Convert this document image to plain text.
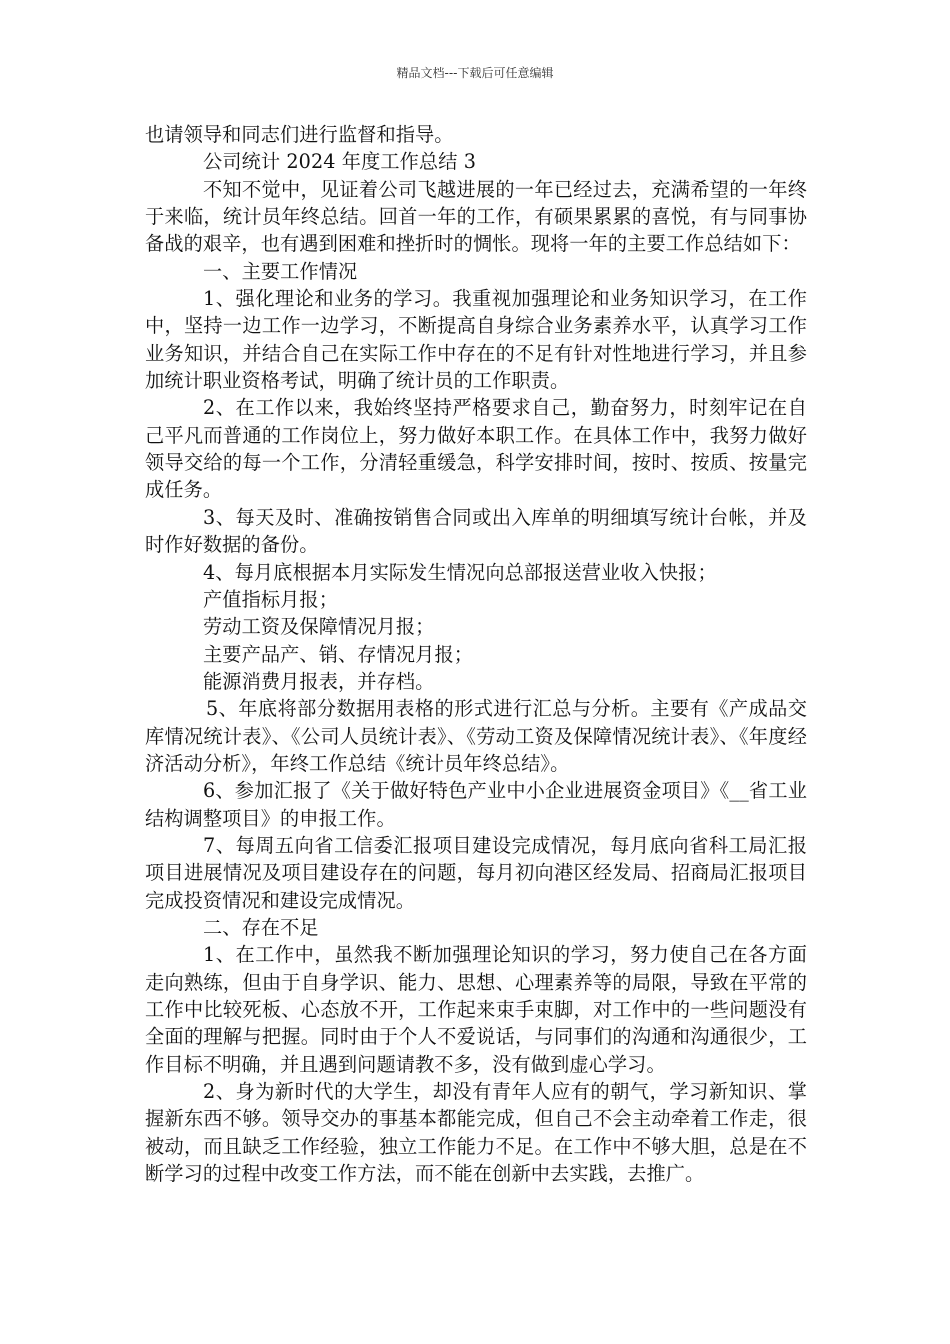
精品文档---下载后可任意编辑

也请领导和同志们进行监督和指导。

公司统计 2024 年度工作总结 3

不知不觉中，见证着公司飞越进展的一年已经过去，充满希望的一年终于来临，统计员年终总结。回首一年的工作，有硕果累累的喜悦，有与同事协备战的艰辛，也有遇到困难和挫折时的惆怅。现将一年的主要工作总结如下：

一、主要工作情况

1、强化理论和业务的学习。我重视加强理论和业务知识学习，在工作中，坚持一边工作一边学习，不断提高自身综合业务素养水平，认真学习工作业务知识，并结合自己在实际工作中存在的不足有针对性地进行学习，并且参加统计职业资格考试，明确了统计员的工作职责。

2、在工作以来，我始终坚持严格要求自己，勤奋努力，时刻牢记在自己平凡而普通的工作岗位上，努力做好本职工作。在具体工作中，我努力做好领导交给的每一个工作，分清轻重缓急，科学安排时间，按时、按质、按量完成任务。

3、每天及时、准确按销售合同或出入库单的明细填写统计台帐，并及时作好数据的备份。

4、每月底根据本月实际发生情况向总部报送营业收入快报；

产值指标月报；

劳动工资及保障情况月报；

主要产品产、销、存情况月报；

能源消费月报表，并存档。

5、年底将部分数据用表格的形式进行汇总与分析。主要有《产成品交库情况统计表》、《公司人员统计表》、《劳动工资及保障情况统计表》、《年度经济活动分析》，年终工作总结《统计员年终总结》。

6、参加汇报了《关于做好特色产业中小企业进展资金项目》《__省工业结构调整项目》的申报工作。

7、每周五向省工信委汇报项目建设完成情况，每月底向省科工局汇报项目进展情况及项目建设存在的问题，每月初向港区经发局、招商局汇报项目完成投资情况和建设完成情况。

二、存在不足

1、在工作中，虽然我不断加强理论知识的学习，努力使自己在各方面走向熟练，但由于自身学识、能力、思想、心理素养等的局限，导致在平常的工作中比较死板、心态放不开，工作起来束手束脚，对工作中的一些问题没有全面的理解与把握。同时由于个人不爱说话，与同事们的沟通和沟通很少，工作目标不明确，并且遇到问题请教不多，没有做到虚心学习。

2、身为新时代的大学生，却没有青年人应有的朝气，学习新知识、掌握新东西不够。领导交办的事基本都能完成，但自己不会主动牵着工作走，很被动，而且缺乏工作经验，独立工作能力不足。在工作中不够大胆，总是在不断学习的过程中改变工作方法，而不能在创新中去实践，去推广。
